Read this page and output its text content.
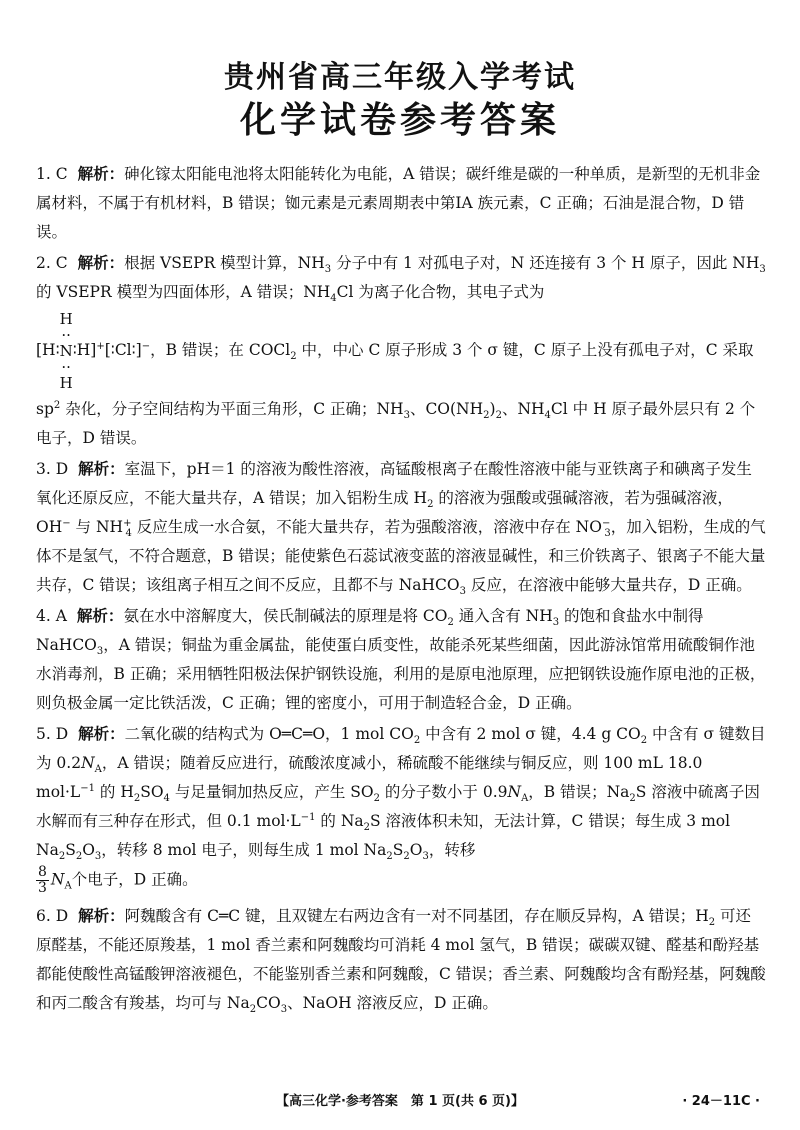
贵州省高三年级入学考试
化学试卷参考答案

1. C 解析：砷化镓太阳能电池将太阳能转化为电能，A 错误；碳纤维是碳的一种单质，是新型的无机非金属材料，不属于有机材料，B 错误；铷元素是元素周期表中第ⅠA 族元素，C 正确；石油是混合物，D 错误。

2. C 解析：根据 VSEPR 模型计算，$NH_3$ 分子中有 1 对孤电子对，N 还连接有 3 个 H 原子，因此 $NH_3$ 的 VSEPR 模型为四面体形，A 错误；$NH_4Cl$ 为离子化合物，其电子式为
[H∶
H
··
N
··
H
∶H]+[∶Cl∶]−，B 错误；在 COCl$_2$ 中，中心 C 原子形成 3 个 σ 键，C 原子上没有孤电子对，C 采取 $sp^2$ 杂化，分子空间结构为平面三角形，C 正确；$NH_3$、$CO(NH_2)_2$、$NH_4Cl$ 中 H 原子最外层只有 2 个电子，D 错误。

3. D 解析：室温下，pH＝1 的溶液为酸性溶液，高锰酸根离子在酸性溶液中能与亚铁离子和碘离子发生氧化还原反应，不能大量共存，A 错误；加入铝粉生成 $H_2$ 的溶液为强酸或强碱溶液，若为强碱溶液，OH− 与 $NH^+_4$ 反应生成一水合氨，不能大量共存，若为强酸溶液，溶液中存在 $NO^-_3$，加入铝粉，生成的气体不是氢气，不符合题意，B 错误；能使紫色石蕊试液变蓝的溶液显碱性，和三价铁离子、银离子不能大量共存，C 错误；该组离子相互之间不反应，且都不与 NaHCO$_3$ 反应，在溶液中能够大量共存，D 正确。

4. A 解析：氨在水中溶解度大，侯氏制碱法的原理是将 $CO_2$ 通入含有 $NH_3$ 的饱和食盐水中制得 NaHCO$_3$，A 错误；铜盐为重金属盐，能使蛋白质变性，故能杀死某些细菌，因此游泳馆常用硫酸铜作池水消毒剂，B 正确；采用牺牲阳极法保护钢铁设施，利用的是原电池原理，应把钢铁设施作原电池的正极，则负极金属一定比铁活泼，C 正确；锂的密度小，可用于制造轻合金，D 正确。

5. D 解析：二氧化碳的结构式为 O═C═O，1 mol $CO_2$ 中含有 2 mol σ 键，4.4 g $CO_2$ 中含有 σ 键数目为 $0.2N_A$，A 错误；随着反应进行，硫酸浓度减小，稀硫酸不能继续与铜反应，则 100 mL 18.0 $mol\cdot L^{-1}$ 的 $H_2SO_4$ 与足量铜加热反应，产生 $SO_2$ 的分子数小于 $0.9N_A$，B 错误；$Na_2S$ 溶液中硫离子因水解而有三种存在形式，但 0.1 $mol\cdot L^{-1}$ 的 $Na_2S$ 溶液体积未知，无法计算，C 错误；每生成 3 mol $Na_2S_2O_3$，转移 8 mol 电子，则每生成 1 mol $Na_2S_2O_3$，转移

$\frac{8}{3} N_A$个电子，D 正确。

6. D 解析：阿魏酸含有 C═C 键，且双键左右两边含有一对不同基团，存在顺反异构，A 错误；$H_2$ 可还原醛基，不能还原羧基，1 mol 香兰素和阿魏酸均可消耗 4 mol 氢气，B 错误；碳碳双键、醛基和酚羟基都能使酸性高锰酸钾溶液褪色，不能鉴别香兰素和阿魏酸，C 错误；香兰素、阿魏酸均含有酚羟基，阿魏酸和丙二酸含有羧基，均可与 $Na_2CO_3$、NaOH 溶液反应，D 正确。

【高三化学·参考答案　第 1 页(共 6 页)】	· 24－11C ·
